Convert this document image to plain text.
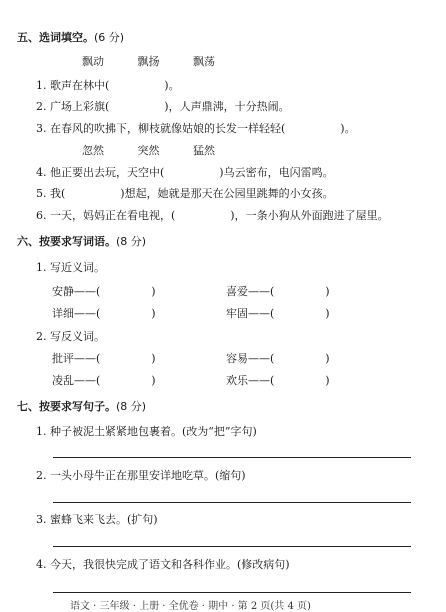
五、选词填空。(6 分)
飘动	飘扬	飘荡
1. 歌声在林中(　　　　　)。
2. 广场上彩旗(　　　　　)，人声鼎沸，十分热闹。
3. 在春风的吹拂下，柳枝就像姑娘的长发一样轻轻(　　　　　)。
忽然	突然	猛然
4. 他正要出去玩，天空中(　　　　　)乌云密布，电闪雷鸣。
5. 我(　　　　　)想起，她就是那天在公园里跳舞的小女孩。
6. 一天，妈妈正在看电视，(　　　　　)，一条小狗从外面跑进了屋里。
六、按要求写词语。(8 分)
1. 写近义词。
安静——(	)	喜爱——(	)
详细——(	)	牢固——(	)
2. 写反义词。
批评——(	)	容易——(	)
凌乱——(	)	欢乐——(	)
七、按要求写句子。(8 分)
1. 种子被泥土紧紧地包裹着。(改为“把”字句)
2. 一头小母牛正在那里安详地吃草。(缩句)
3. 蜜蜂飞来飞去。(扩句)
4. 今天，我很快完成了语文和各科作业。(修改病句)
语文 · 三年级 · 上册 · 全优卷 · 期中 · 第 2 页(共 4 页)
